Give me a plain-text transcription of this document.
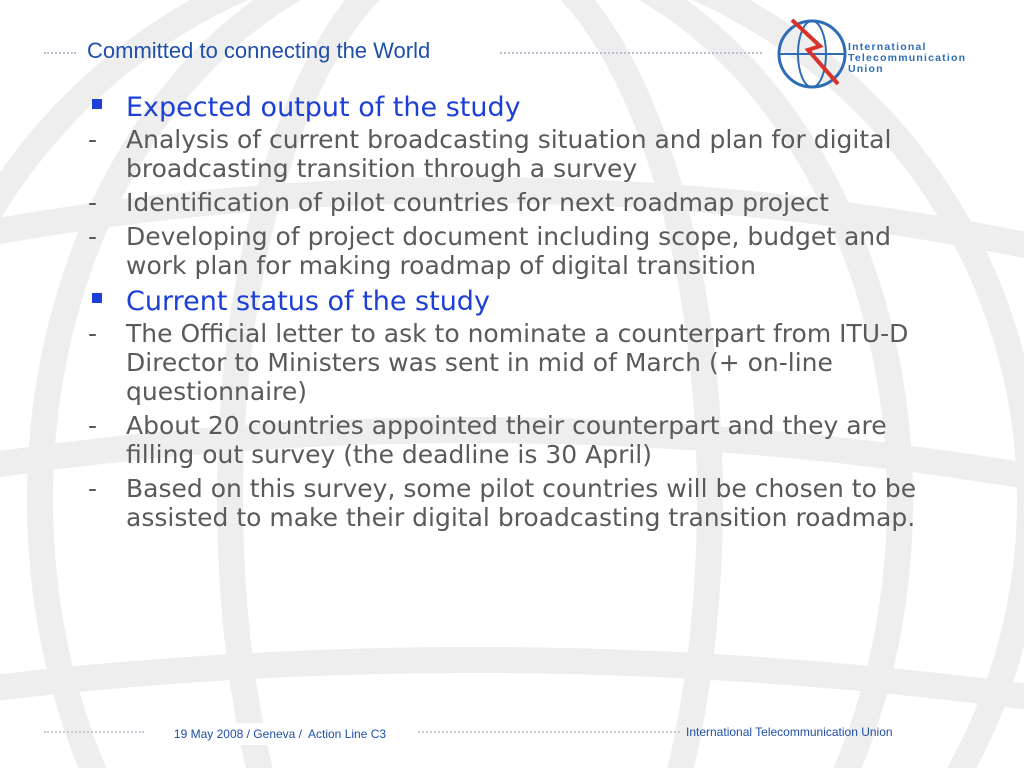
Committed to connecting the World	International
Telecommunication
Union
Expected output of the study
-	Analysis of current broadcasting situation and plan for digital broadcasting transition through a survey
-	Identification of pilot countries for next roadmap project
-	Developing of project document including scope, budget and work plan for making roadmap of digital transition
Current status of the study
-	The Official letter to ask to nominate a counterpart from ITU-D Director to Ministers was sent in mid of March (+ on-line questionnaire)
-	About 20 countries appointed their counterpart and they are filling out survey (the deadline is 30 April)
-	Based on this survey, some pilot countries will be chosen to be assisted to make their digital broadcasting transition roadmap.
19 May 2008 / Geneva /  Action Line C3	International Telecommunication Union
